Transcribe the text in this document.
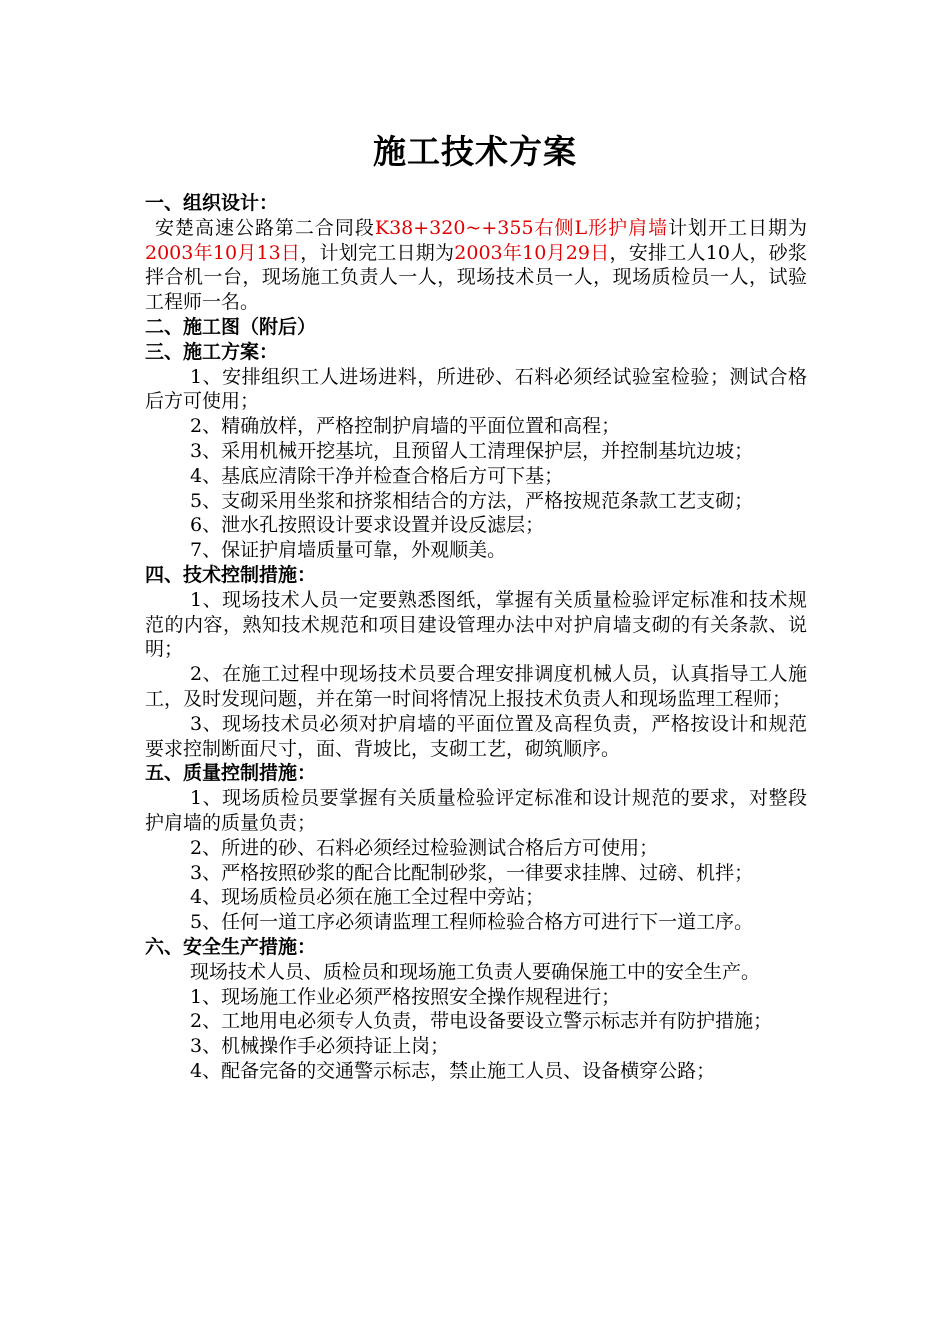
施工技术方案
一、组织设计：
安楚高速公路第二合同段K38+320~+355右侧L形护肩墙计划开工日期为2003年10月13日，计划完工日期为2003年10月29日，安排工人10人，砂浆拌合机一台，现场施工负责人一人，现场技术员一人，现场质检员一人，试验工程师一名。
二、施工图（附后）
三、施工方案：
1、安排组织工人进场进料，所进砂、石料必须经试验室检验；测试合格后方可使用；
2、精确放样，严格控制护肩墙的平面位置和高程；
3、采用机械开挖基坑，且预留人工清理保护层，并控制基坑边坡；
4、基底应清除干净并检查合格后方可下基；
5、支砌采用坐浆和挤浆相结合的方法，严格按规范条款工艺支砌；
6、泄水孔按照设计要求设置并设反滤层；
7、保证护肩墙质量可靠，外观顺美。
四、技术控制措施：
1、现场技术人员一定要熟悉图纸，掌握有关质量检验评定标准和技术规范的内容，熟知技术规范和项目建设管理办法中对护肩墙支砌的有关条款、说明；
2、在施工过程中现场技术员要合理安排调度机械人员，认真指导工人施工，及时发现问题，并在第一时间将情况上报技术负责人和现场监理工程师；
3、现场技术员必须对护肩墙的平面位置及高程负责，严格按设计和规范要求控制断面尺寸，面、背坡比，支砌工艺，砌筑顺序。
五、质量控制措施：
1、现场质检员要掌握有关质量检验评定标准和设计规范的要求，对整段护肩墙的质量负责；
2、所进的砂、石料必须经过检验测试合格后方可使用；
3、严格按照砂浆的配合比配制砂浆，一律要求挂牌、过磅、机拌；
4、现场质检员必须在施工全过程中旁站；
5、任何一道工序必须请监理工程师检验合格方可进行下一道工序。
六、安全生产措施：
现场技术人员、质检员和现场施工负责人要确保施工中的安全生产。
1、现场施工作业必须严格按照安全操作规程进行；
2、工地用电必须专人负责，带电设备要设立警示标志并有防护措施；
3、机械操作手必须持证上岗；
4、配备完备的交通警示标志，禁止施工人员、设备横穿公路；
